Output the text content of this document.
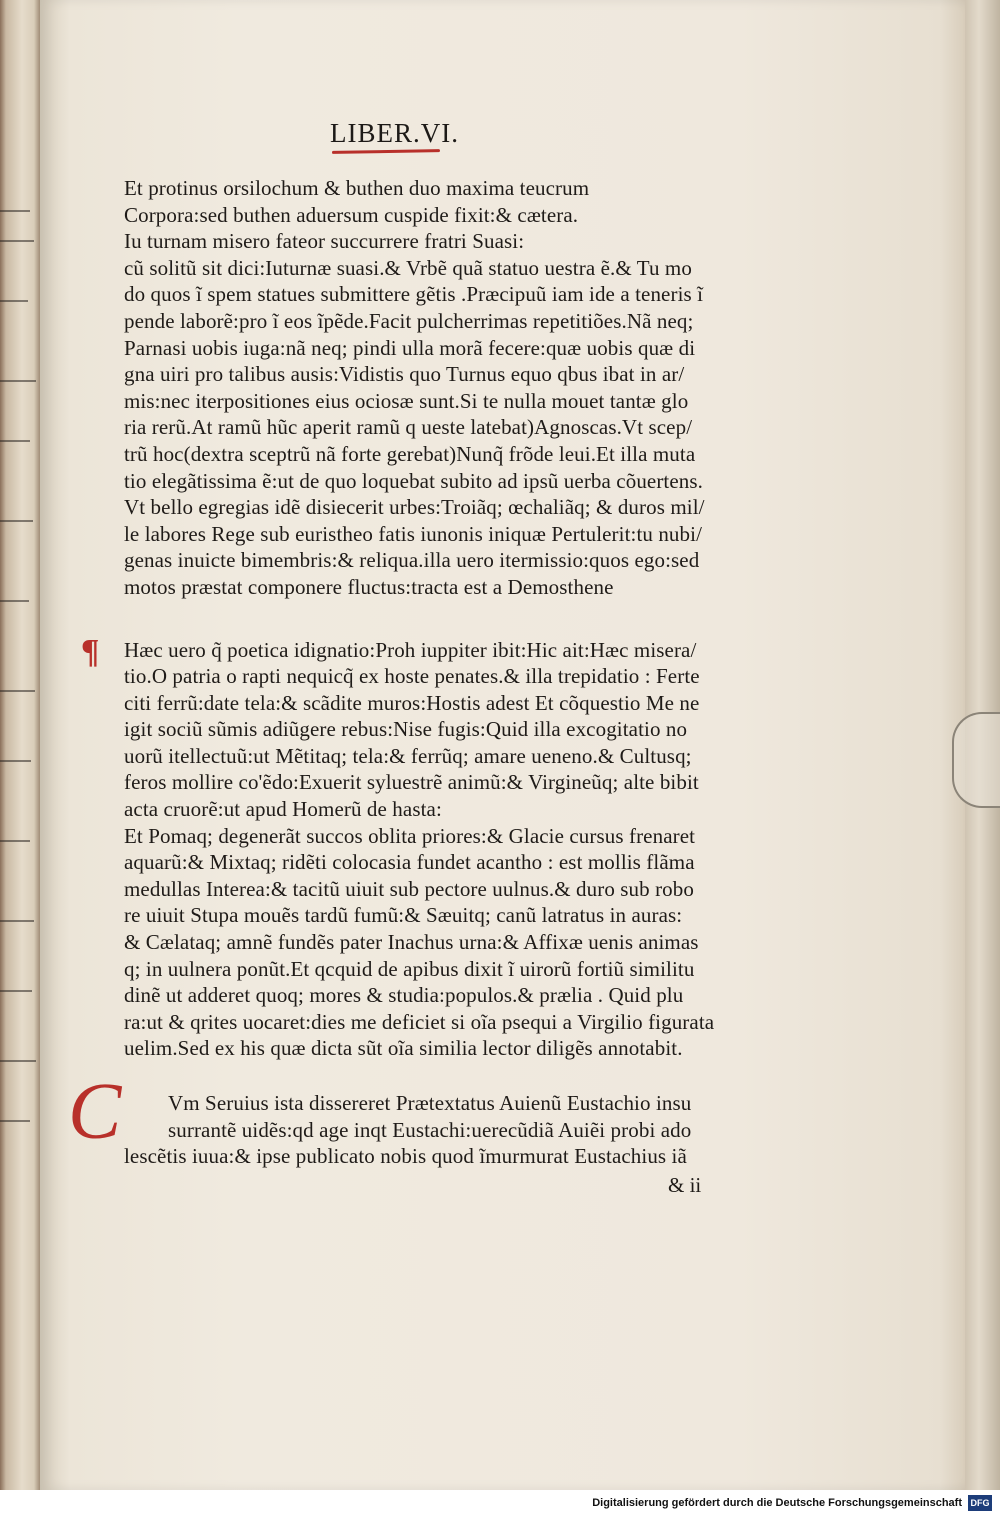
LIBER.VI.
¶
C
Et protinus orsilochum & buthen duo maxima teucrum
Corpora:sed buthen aduersum cuspide fixit:& cætera.
Iu turnam misero fateor succurrere fratri Suasi:
cũ solitũ sit dici:Iuturnæ suasi.& Vrbẽ quã statuo uestra ẽ.& Tu mo
do quos ĩ spem statues submittere gẽtis .Præcipuũ iam ide a teneris ĩ
pende laborẽ:pro ĩ eos ĩpẽde.Facit pulcherrimas repetitiões.Nã neq;
Parnasi uobis iuga:nã neq; pindi ulla morã fecere:quæ uobis quæ di
gna uiri pro talibus ausis:Vidistis quo Turnus equo qbus ibat in ar/
mis:nec iterpositiones eius ociosæ sunt.Si te nulla mouet tantæ glo
ria rerũ.At ramũ hũc aperit ramũ q ueste latebat)Agnoscas.Vt scep/
trũ hoc(dextra sceptrũ nã forte gerebat)Nunq̃ frõde leui.Et illa muta
tio elegãtissima ẽ:ut de quo loquebat subito ad ipsũ uerba cõuertens.
Vt bello egregias idẽ disiecerit urbes:Troiãq; œchaliãq; & duros mil/
le labores Rege sub euristheo fatis iunonis iniquæ Pertulerit:tu nubi/
genas inuicte bimembris:& reliqua.illa uero itermissio:quos ego:sed
motos præstat componere fluctus:tracta est a Demosthene
Hæc uero q̃ poetica idignatio:Proh iuppiter ibit:Hic ait:Hæc misera/
tio.O patria o rapti nequicq̃ ex hoste penates.& illa trepidatio : Ferte
citi ferrũ:date tela:& scãdite muros:Hostis adest Et cõquestio Me ne
igit sociũ sũmis adiũgere rebus:Nise fugis:Quid illa excogitatio no
uorũ itellectuũ:ut Mẽtitaq; tela:& ferrũq; amare ueneno.& Cultusq;
feros mollire co'ẽdo:Exuerit syluestrẽ animũ:& Virgineũq; alte bibit
acta cruorẽ:ut apud Homerũ de hasta:
Et Pomaq; degenerãt succos oblita priores:& Glacie cursus frenaret
aquarũ:& Mixtaq; ridẽti colocasia fundet acantho : est mollis flãma
medullas Interea:& tacitũ uiuit sub pectore uulnus.& duro sub robo
re uiuit Stupa mouẽs tardũ fumũ:& Sæuitq; canũ latratus in auras:
& Cælataq; amnẽ fundẽs pater Inachus urna:& Affixæ uenis animas
q; in uulnera ponũt.Et qcquid de apibus dixit ĩ uirorũ fortiũ similitu
dinẽ ut adderet quoq; mores & studia:populos.& prælia . Quid plu
ra:ut & qrites uocaret:dies me deficiet si oĩa psequi a Virgilio figurata
uelim.Sed ex his quæ dicta sũt oĩa similia lector diligẽs annotabit.
Vm Seruius ista dissereret Prætextatus Auienũ Eustachio insu
surrantẽ uidẽs:qd age inqt Eustachi:uerecũdiã Auiẽi probi ado
lescẽtis iuua:& ipse publicato nobis quod ĩmurmurat Eustachius iã
& ii
Digitalisierung gefördert durch die Deutsche Forschungsgemeinschaft DFG
